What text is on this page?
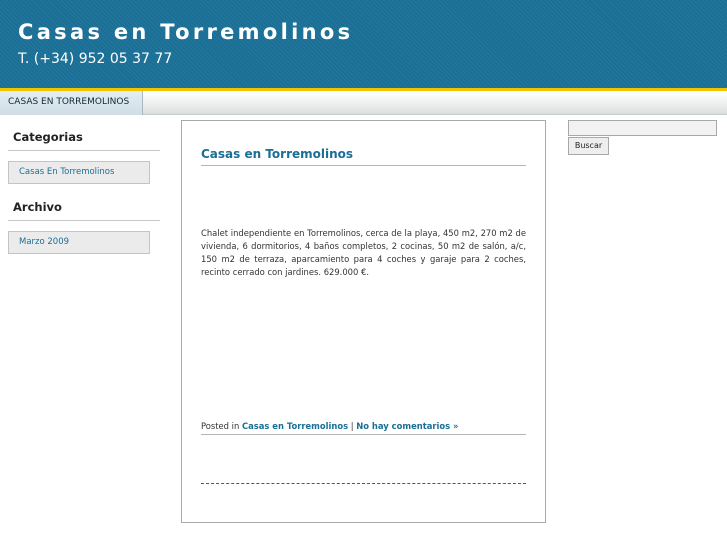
Casas en Torremolinos
T. (+34) 952 05 37 77
CASAS EN TORREMOLINOS
Categorias
Casas En Torremolinos
Archivo
Marzo 2009
Casas en Torremolinos
Chalet independiente en Torremolinos, cerca de la playa, 450 m2, 270 m2 de vivienda, 6 dormitorios, 4 baños completos, 2 cocinas, 50 m2 de salón, a/c, 150 m2 de terraza, aparcamiento para 4 coches y garaje para 2 coches, recinto cerrado con jardines. 629.000 €.
Posted in Casas en Torremolinos | No hay comentarios »
Buscar
